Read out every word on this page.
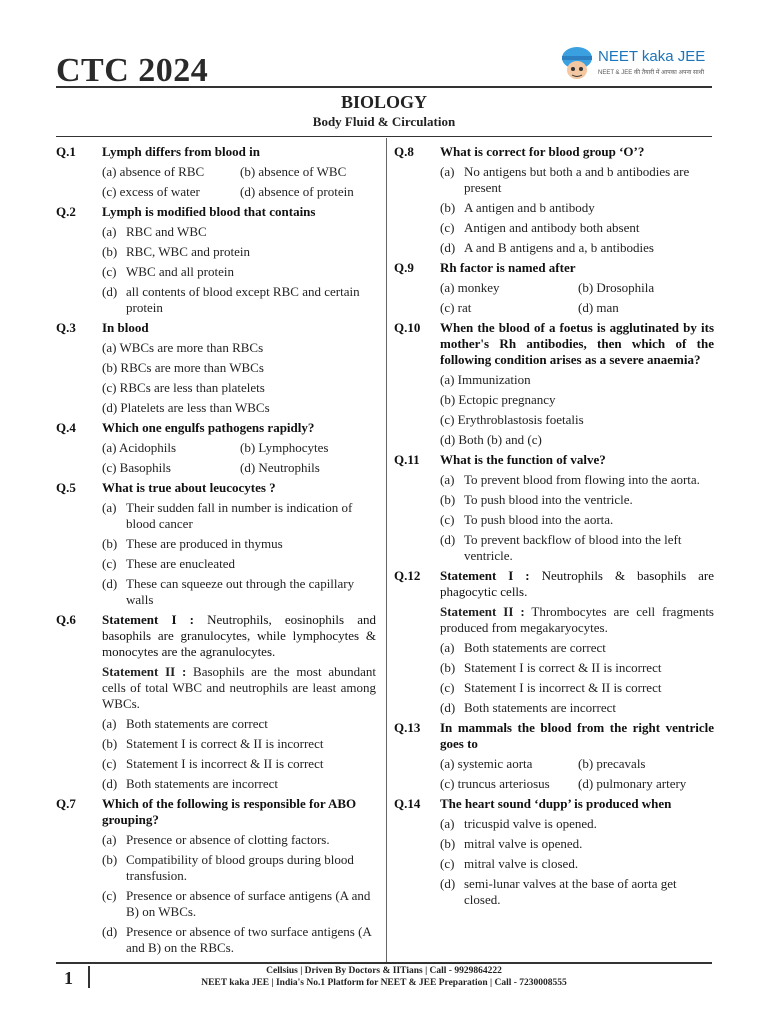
CTC 2024	NEET kaka JEE
NEET & JEE की तैयारी में आपका अपना साथी
BIOLOGY
Body Fluid & Circulation
Q.1	Lymph differs from blood in
(a) absence of RBC	(b) absence of WBC
(c) excess of water	(d) absence of protein
Q.2	Lymph is modified blood that contains
(a) RBC and WBC
(b) RBC, WBC and protein
(c) WBC and all protein
(d) all contents of blood except RBC and certain protein
Q.3	In blood
(a) WBCs are more than RBCs
(b) RBCs are more than WBCs
(c) RBCs are less than platelets
(d) Platelets are less than WBCs
Q.4	Which one engulfs pathogens rapidly?
(a) Acidophils	(b) Lymphocytes
(c) Basophils	(d) Neutrophils
Q.5	What is true about leucocytes ?
(a) Their sudden fall in number is indication of blood cancer
(b) These are produced in thymus
(c) These are enucleated
(d) These can squeeze out through the capillary walls
Q.6	Statement I : Neutrophils, eosinophils and basophils are granulocytes, while lymphocytes & monocytes are the agranulocytes.
Statement II : Basophils are the most abundant cells of total WBC and neutrophils are least among WBCs.
(a) Both statements are correct
(b) Statement I is correct & II is incorrect
(c) Statement I is incorrect & II is correct
(d) Both statements are incorrect
Q.7	Which of the following is responsible for ABO grouping?
(a) Presence or absence of clotting factors.
(b) Compatibility of blood groups during blood transfusion.
(c) Presence or absence of surface antigens (A and B) on WBCs.
(d) Presence or absence of two surface antigens (A and B) on the RBCs.
Q.8	What is correct for blood group ‘O’?
(a) No antigens but both a and b antibodies are present
(b) A antigen and b antibody
(c) Antigen and antibody both absent
(d) A and B antigens and a, b antibodies
Q.9	Rh factor is named after
(a) monkey	(b) Drosophila
(c) rat	(d) man
Q.10	When the blood of a foetus is agglutinated by its mother's Rh antibodies, then which of the following condition arises as a severe anaemia?
(a) Immunization
(b) Ectopic pregnancy
(c) Erythroblastosis foetalis
(d) Both (b) and (c)
Q.11	What is the function of valve?
(a) To prevent blood from flowing into the aorta.
(b) To push blood into the ventricle.
(c) To push blood into the aorta.
(d) To prevent backflow of blood into the left ventricle.
Q.12	Statement I : Neutrophils & basophils are phagocytic cells.
Statement II : Thrombocytes are cell fragments produced from megakaryocytes.
(a) Both statements are correct
(b) Statement I is correct & II is incorrect
(c) Statement I is incorrect & II is correct
(d) Both statements are incorrect
Q.13	In mammals the blood from the right ventricle goes to
(a) systemic aorta	(b) precavals
(c) truncus arteriosus	(d) pulmonary artery
Q.14	The heart sound ‘dupp’ is produced when
(a) tricuspid valve is opened.
(b) mitral valve is opened.
(c) mitral valve is closed.
(d) semi-lunar valves at the base of aorta get closed.
1	Cellsius | Driven By Doctors & IITians | Call - 9929864222
NEET kaka JEE | India's No.1 Platform for NEET & JEE Preparation | Call - 7230008555
